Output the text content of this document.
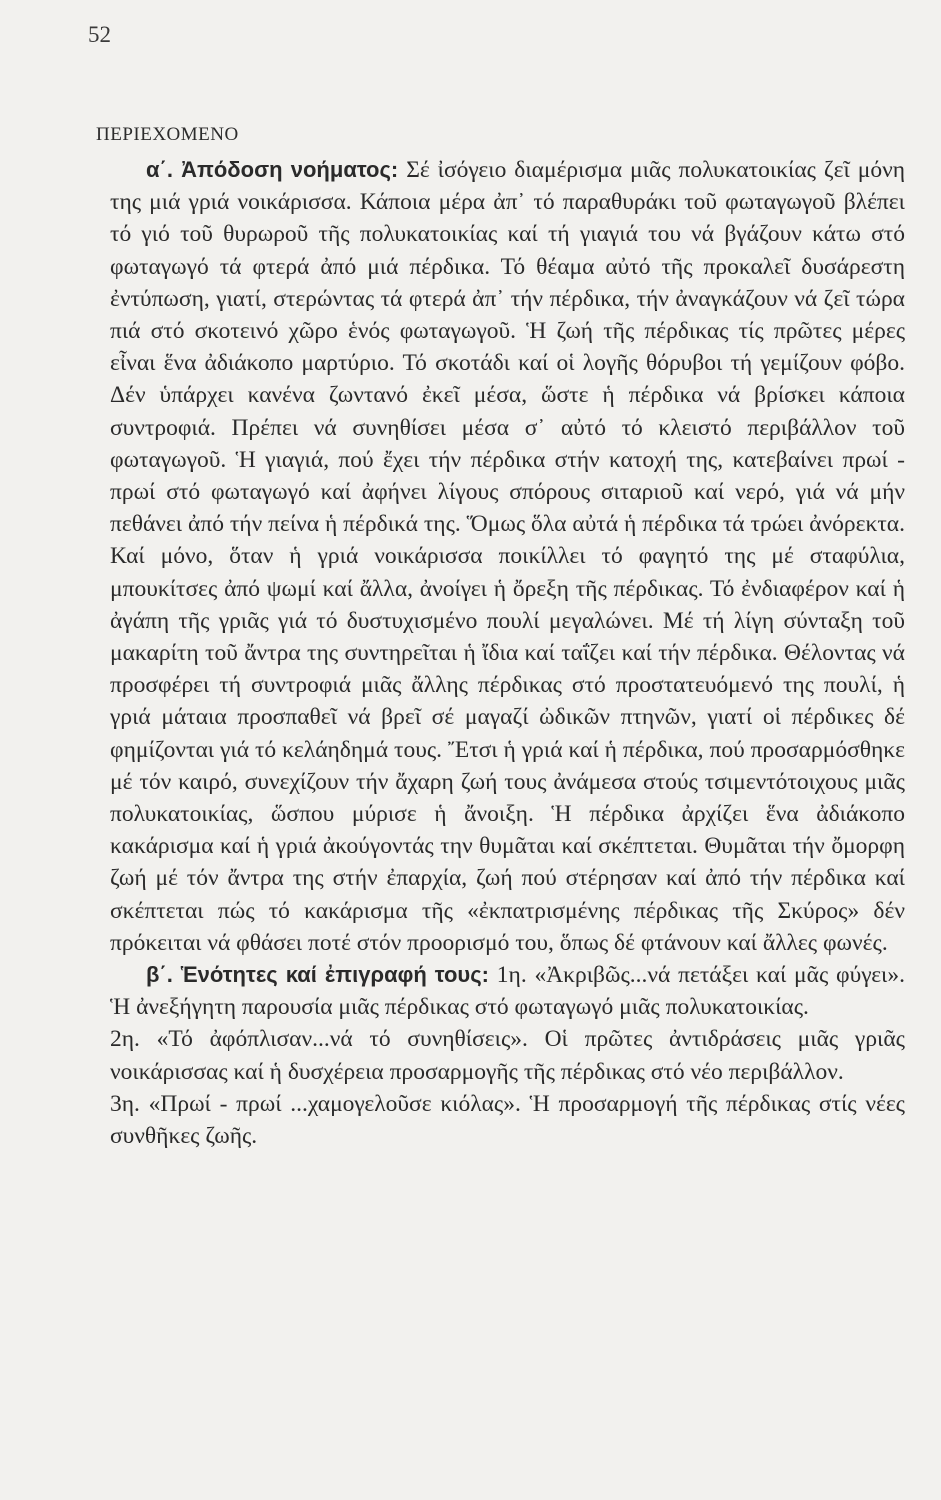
52
ΠΕΡΙΕΧΟΜΕΝΟ

α΄. Ἀπόδοση νοήματος: Σέ ἰσόγειο διαμέρισμα μιᾶς πολυκατοικίας ζεῖ μόνη της μιά γριά νοικάρισσα. Κάποια μέρα ἀπ᾽ τό παραθυράκι τοῦ φωταγωγοῦ βλέπει τό γιό τοῦ θυρωροῦ τῆς πολυκατοικίας καί τή γιαγιά του νά βγάζουν κάτω στό φωταγωγό τά φτερά ἀπό μιά πέρδικα. Τό θέαμα αὐτό τῆς προκαλεῖ δυσάρεστη ἐντύπωση, γιατί, στερώντας τά φτερά ἀπ᾽ τήν πέρδικα, τήν ἀναγκάζουν νά ζεῖ τώρα πιά στό σκοτεινό χῶρο ἑνός φωταγωγοῦ. Ἡ ζωή τῆς πέρδικας τίς πρῶτες μέρες εἶναι ἕνα ἀδιάκοπο μαρτύριο. Τό σκοτάδι καί οἱ λογῆς θόρυβοι τή γεμίζουν φόβο. Δέν ὑπάρχει κανένα ζωντανό ἐκεῖ μέσα, ὥστε ἡ πέρδικα νά βρίσκει κάποια συντροφιά. Πρέπει νά συνηθίσει μέσα σ᾽ αὐτό τό κλειστό περιβάλλον τοῦ φωταγωγοῦ. Ἡ γιαγιά, πού ἔχει τήν πέρδικα στήν κατοχή της, κατεβαίνει πρωί - πρωί στό φωταγωγό καί ἀφήνει λίγους σπόρους σιταριοῦ καί νερό, γιά νά μήν πεθάνει ἀπό τήν πείνα ἡ πέρδικά της. Ὅμως ὅλα αὐτά ἡ πέρδικα τά τρώει ἀνόρεκτα. Καί μόνο, ὅταν ἡ γριά νοικάρισσα ποικίλλει τό φαγητό της μέ σταφύλια, μπουκίτσες ἀπό ψωμί καί ἄλλα, ἀνοίγει ἡ ὄρεξη τῆς πέρδικας. Τό ἐνδιαφέρον καί ἡ ἀγάπη τῆς γριᾶς γιά τό δυστυχισμένο πουλί μεγαλώνει. Μέ τή λίγη σύνταξη τοῦ μακαρίτη τοῦ ἄντρα της συντηρεῖται ἡ ἴδια καί ταΐζει καί τήν πέρδικα. Θέλοντας νά προσφέρει τή συντροφιά μιᾶς ἄλλης πέρδικας στό προστατευόμενό της πουλί, ἡ γριά μάταια προσπαθεῖ νά βρεῖ σέ μαγαζί ὠδικῶν πτηνῶν, γιατί οἱ πέρδικες δέ φημίζονται γιά τό κελάηδημά τους. Ἔτσι ἡ γριά καί ἡ πέρδικα, πού προσαρμόσθηκε μέ τόν καιρό, συνεχίζουν τήν ἄχαρη ζωή τους ἀνάμεσα στούς τσιμεντότοιχους μιᾶς πολυκατοικίας, ὥσπου μύρισε ἡ ἄνοιξη. Ἡ πέρδικα ἀρχίζει ἕνα ἀδιάκοπο κακάρισμα καί ἡ γριά ἀκούγοντάς την θυμᾶται καί σκέπτεται. Θυμᾶται τήν ὄμορφη ζωή μέ τόν ἄντρα της στήν ἐπαρχία, ζωή πού στέρησαν καί ἀπό τήν πέρδικα καί σκέπτεται πώς τό κακάρισμα τῆς «ἐκπατρισμένης πέρδικας τῆς Σκύρος» δέν πρόκειται νά φθάσει ποτέ στόν προορισμό του, ὅπως δέ φτάνουν καί ἄλλες φωνές.

β΄. Ἑνότητες καί ἐπιγραφή τους: 1η. «Ἀκριβῶς...νά πετάξει καί μᾶς φύγει». Ἡ ἀνεξήγητη παρουσία μιᾶς πέρδικας στό φωταγωγό μιᾶς πολυκατοικίας.

2η. «Τό ἀφόπλισαν...νά τό συνηθίσεις». Οἱ πρῶτες ἀντιδράσεις μιᾶς γριᾶς νοικάρισσας καί ἡ δυσχέρεια προσαρμογῆς τῆς πέρδικας στό νέο περιβάλλον.

3η. «Πρωί - πρωί ...χαμογελοῦσε κιόλας». Ἡ προσαρμογή τῆς πέρδικας στίς νέες συνθῆκες ζωῆς.
